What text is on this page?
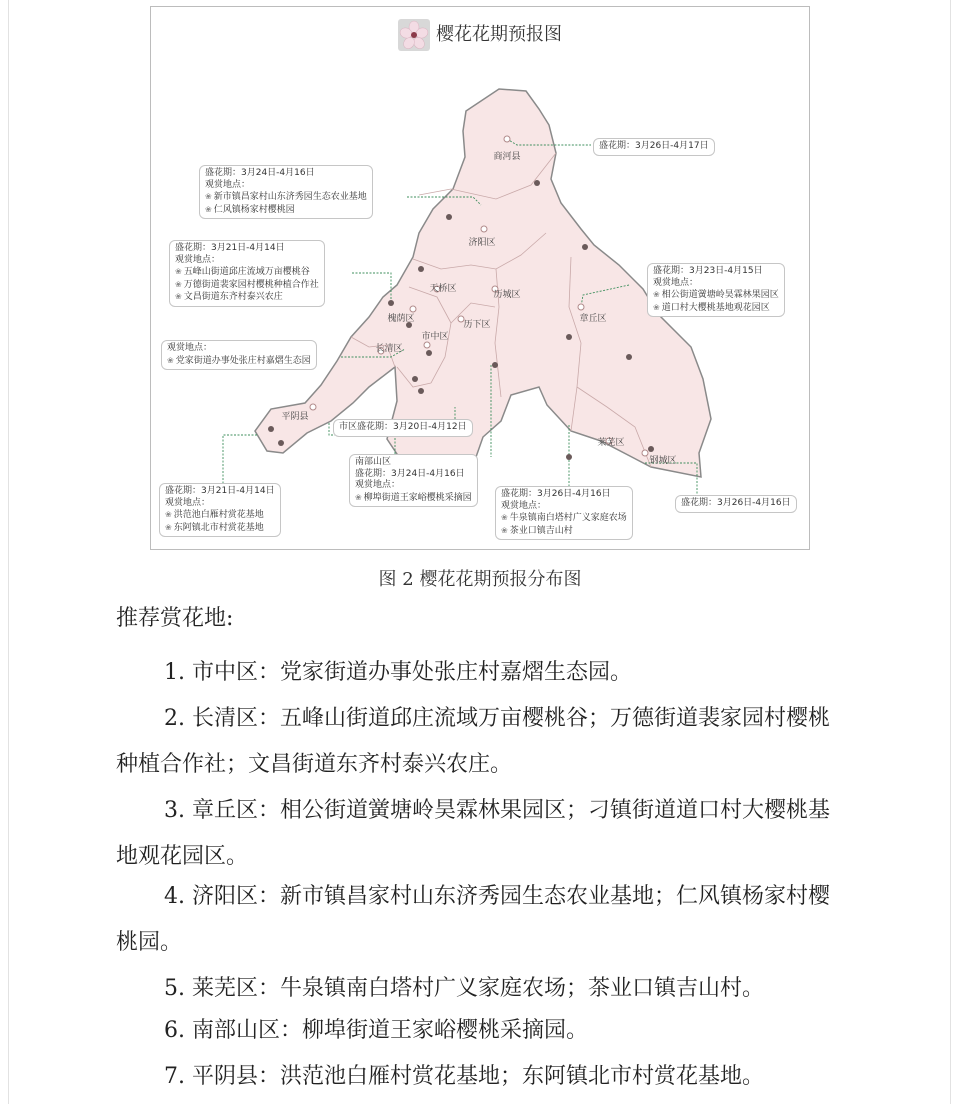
商河县
济阳区
天桥区
历城区
槐荫区
市中区
历下区
长清区
章丘区
平阴县
莱芜区
钢城区
樱花花期预报图
盛花期：3月26日-4月17日
盛花期：3月24日-4月16日
观赏地点：
❀ 新市镇昌家村山东济秀园生态农业基地
❀ 仁风镇杨家村樱桃园
盛花期：3月21日-4月14日
观赏地点：
❀ 五峰山街道邱庄流域万亩樱桃谷
❀ 万德街道裴家园村樱桃种植合作社
❀ 文昌街道东齐村泰兴农庄
观赏地点：
❀ 党家街道办事处张庄村嘉熠生态园
盛花期：3月23日-4月15日
观赏地点：
❀ 相公街道黉塘岭昊霖林果园区
❀ 道口村大樱桃基地观花园区
市区盛花期：3月20日-4月12日
南部山区
盛花期：3月24日-4月16日
观赏地点：
❀ 柳埠街道王家峪樱桃采摘园
盛花期：3月21日-4月14日
观赏地点：
❀ 洪范池白雁村赏花基地
❀ 东阿镇北市村赏花基地
盛花期：3月26日-4月16日
观赏地点：
❀ 牛泉镇南白塔村广义家庭农场
❀ 茶业口镇吉山村
盛花期：3月26日-4月16日
图 2 樱花花期预报分布图
推荐赏花地:

1. 市中区：党家街道办事处张庄村嘉熠生态园。

2. 长清区：五峰山街道邱庄流域万亩樱桃谷；万德街道裴家园村樱桃种植合作社；文昌街道东齐村泰兴农庄。

3. 章丘区：相公街道黉塘岭昊霖林果园区；刁镇街道道口村大樱桃基地观花园区。

4. 济阳区：新市镇昌家村山东济秀园生态农业基地；仁风镇杨家村樱桃园。

5. 莱芜区：牛泉镇南白塔村广义家庭农场；茶业口镇吉山村。

6. 南部山区：柳埠街道王家峪樱桃采摘园。

7. 平阴县：洪范池白雁村赏花基地；东阿镇北市村赏花基地。
